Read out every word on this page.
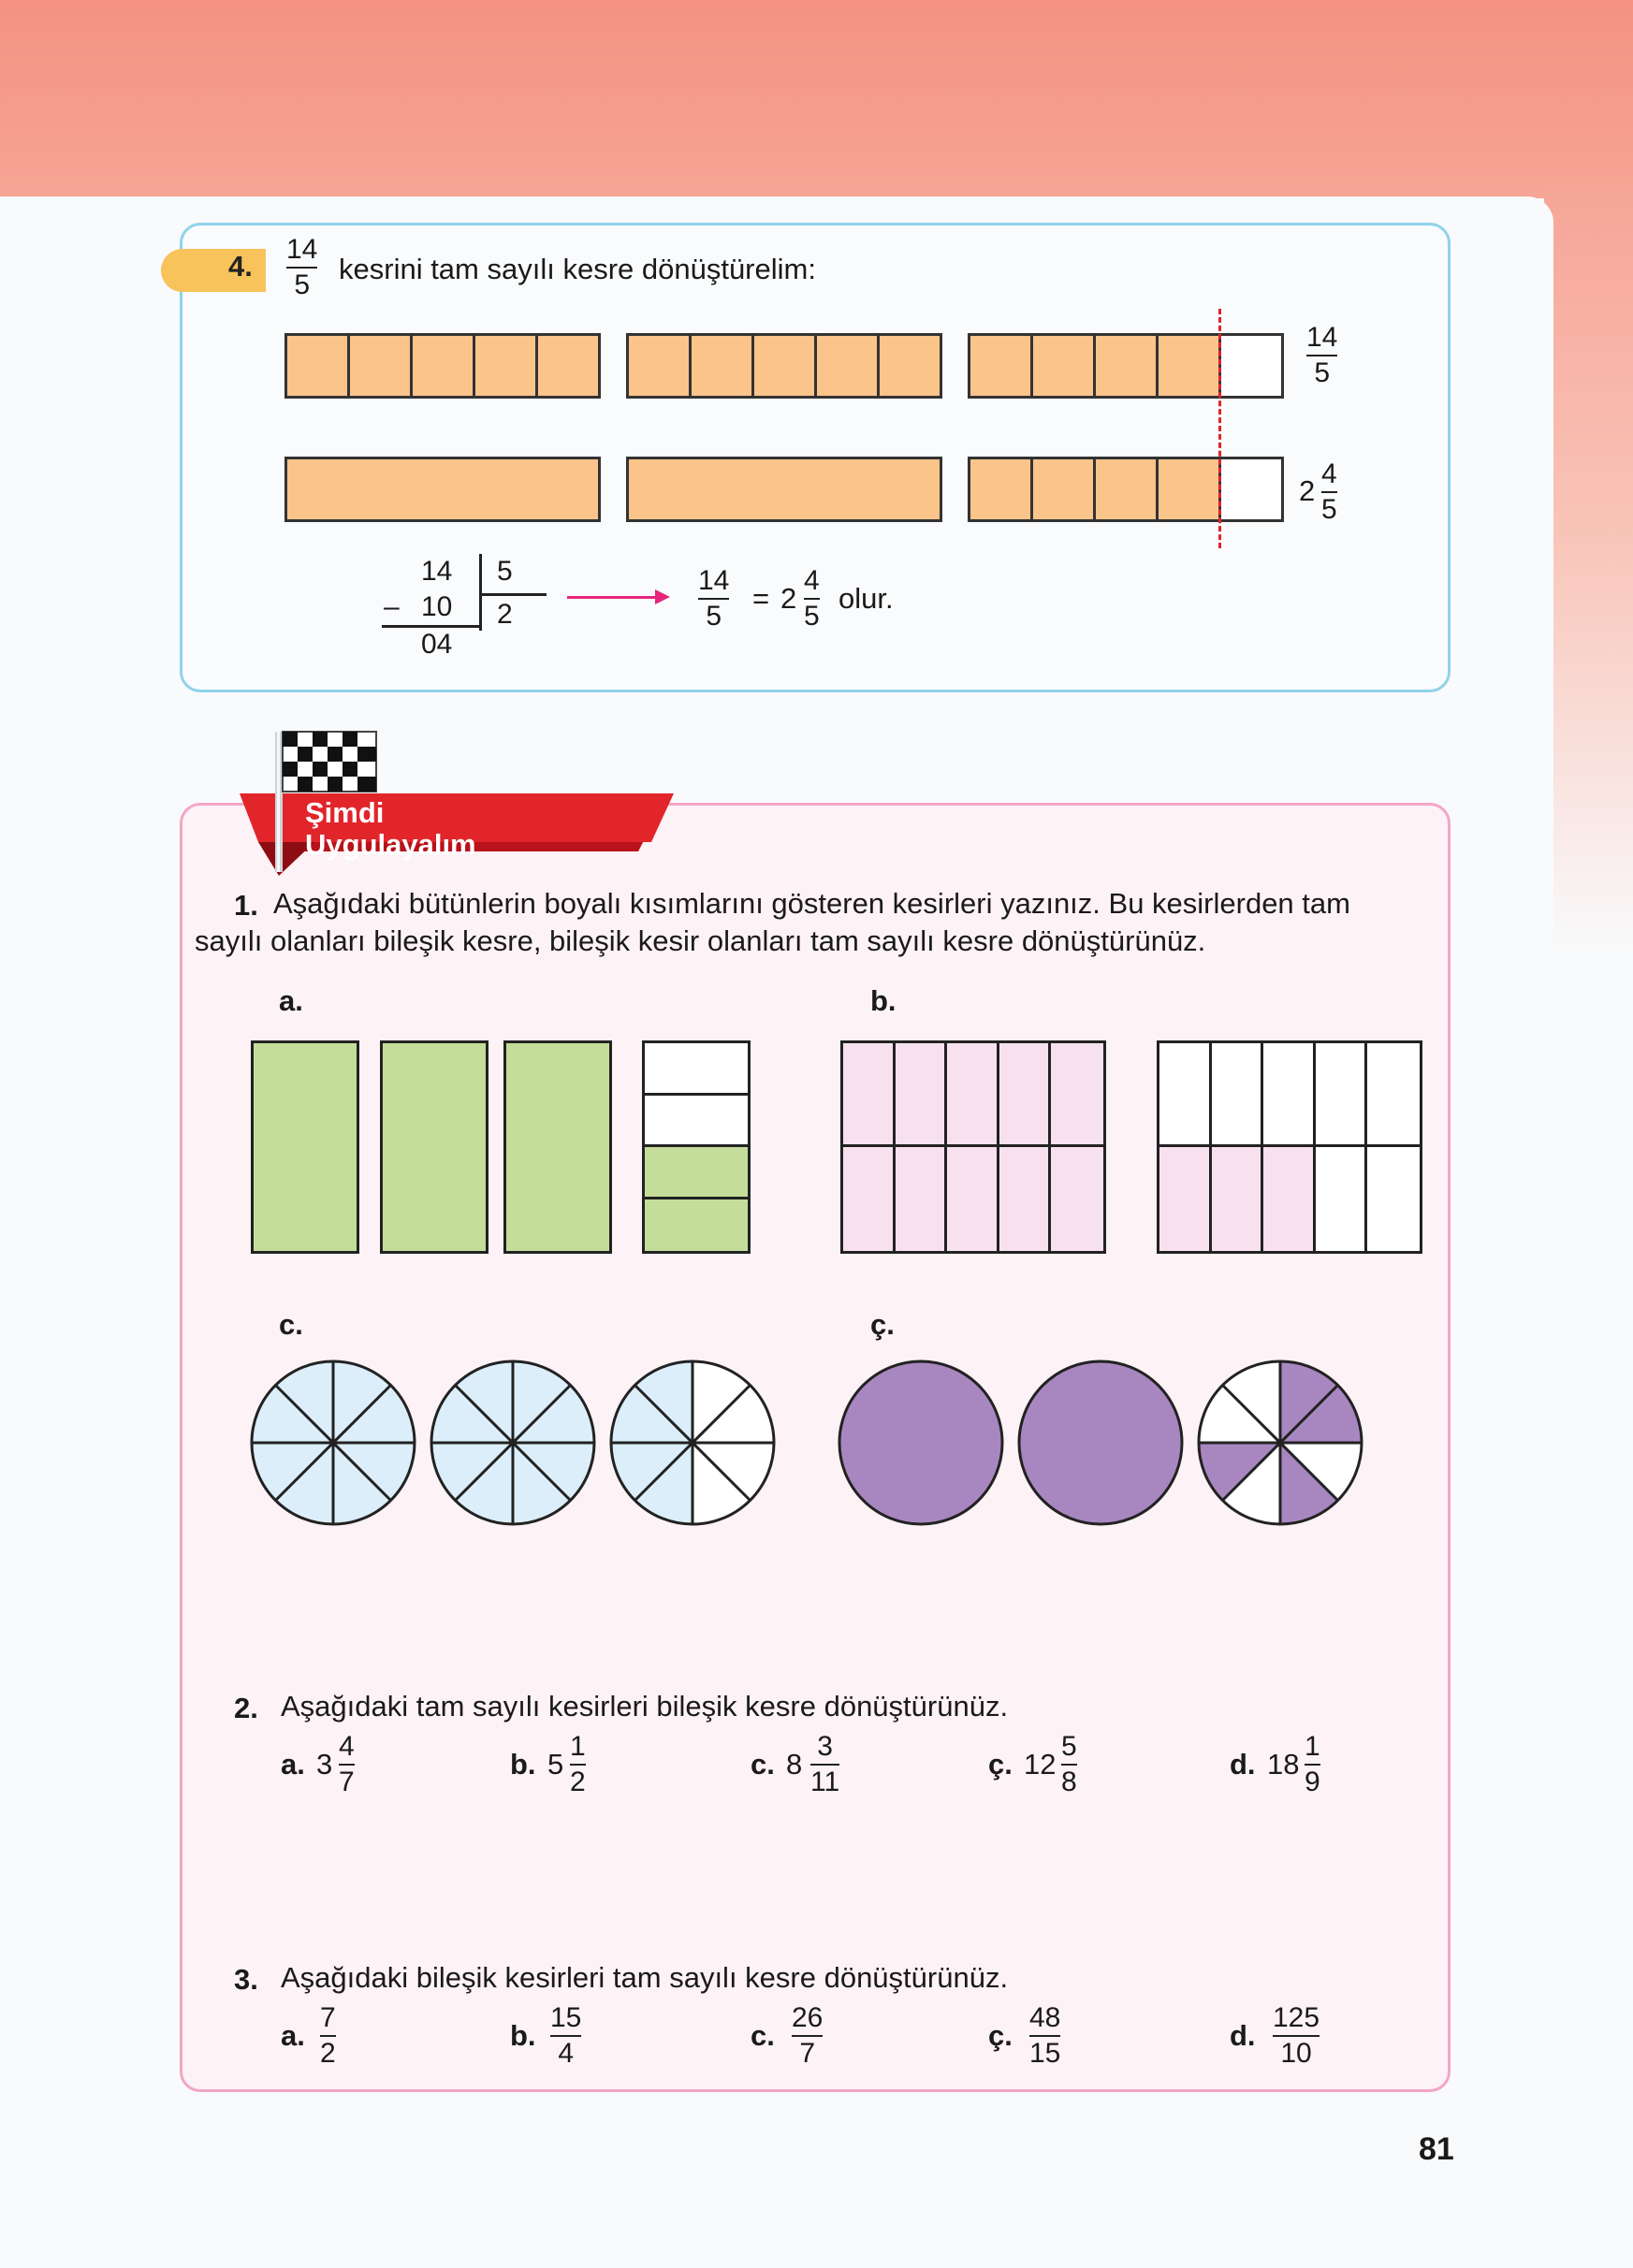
4.
14
5 kesrini tam sayılı kesre dönüştürelim:
14
5
2
4
5
14 5
– 10 2
04
14
5
= 2
4
5
olur.
Şimdi
Uygulayalım
1. Aşağıdaki bütünlerin boyalı kısımlarını gösteren kesirleri yazınız. Bu kesirlerden tam
sayılı olanları bileşik kesre, bileşik kesir olanları tam sayılı kesre dönüştürünüz.
a.	b.
c.	ç.
2. Aşağıdaki tam sayılı kesirleri bileşik kesre dönüştürünüz.
a. 3
4
7
b. 5
1
2
c. 8
3
11
ç. 12
5
8
d. 18
1
9
3. Aşağıdaki bileşik kesirleri tam sayılı kesre dönüştürünüz.
a.
7
2
b.
15
4
c.
26
7
ç.
48
15
d.
125
10
81
